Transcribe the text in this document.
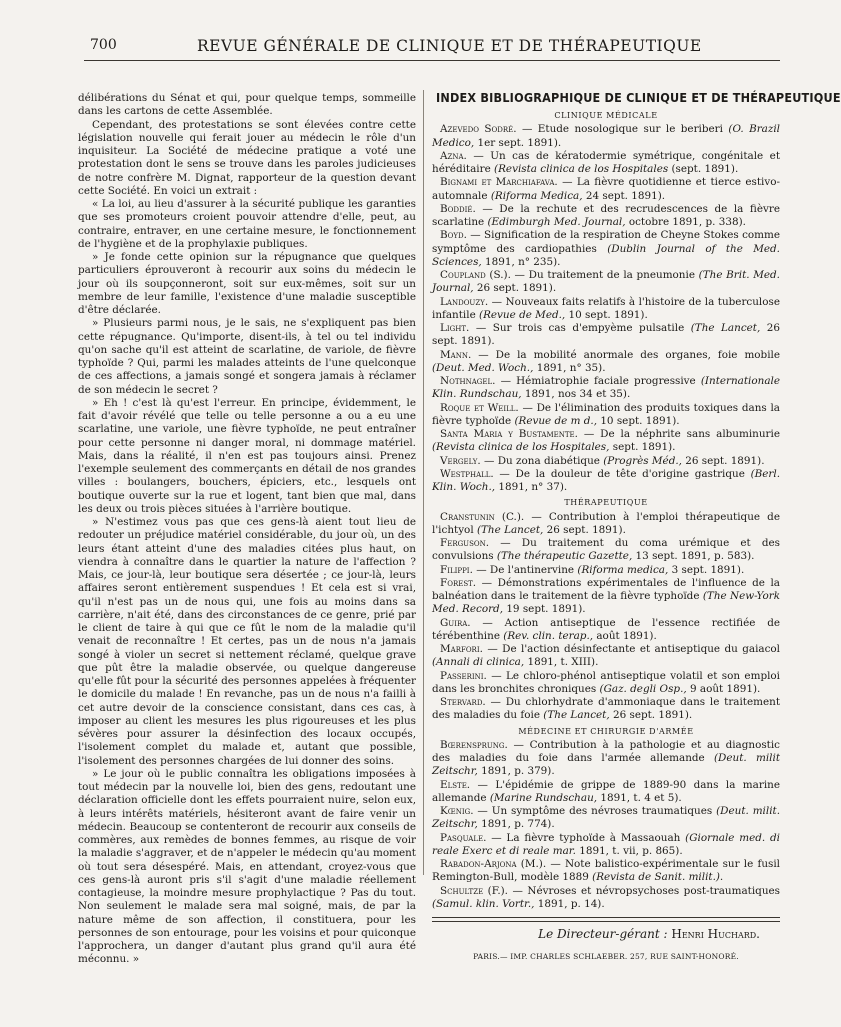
700	REVUE GÉNÉRALE DE CLINIQUE ET DE THÉRAPEUTIQUE

délibérations du Sénat et qui, pour quelque temps, sommeille dans les cartons de cette Assemblée.

Cependant, des protestations se sont élevées contre cette législation nouvelle qui ferait jouer au médecin le rôle d'un inquisiteur. La Société de médecine pratique a voté une protestation dont le sens se trouve dans les paroles judicieuses de notre confrère M. Dignat, rapporteur de la question devant cette Société. En voici un extrait :

« La loi, au lieu d'assurer à la sécurité publique les garanties que ses promoteurs croient pouvoir attendre d'elle, peut, au contraire, entraver, en une certaine mesure, le fonctionnement de l'hygiène et de la prophylaxie publiques.

» Je fonde cette opinion sur la répugnance que quelques particuliers éprouveront à recourir aux soins du médecin le jour où ils soupçonneront, soit sur eux-mêmes, soit sur un membre de leur famille, l'existence d'une maladie susceptible d'être déclarée.

» Plusieurs parmi nous, je le sais, ne s'expliquent pas bien cette répugnance. Qu'importe, disent-ils, à tel ou tel individu qu'on sache qu'il est atteint de scarlatine, de variole, de fièvre typhoïde ? Qui, parmi les malades atteints de l'une quelconque de ces affections, a jamais songé et songera jamais à réclamer de son médecin le secret ?

» Eh ! c'est là qu'est l'erreur. En principe, évidemment, le fait d'avoir révélé que telle ou telle personne a ou a eu une scarlatine, une variole, une fièvre typhoïde, ne peut entraîner pour cette personne ni danger moral, ni dommage matériel. Mais, dans la réalité, il n'en est pas toujours ainsi. Prenez l'exemple seulement des commerçants en détail de nos grandes villes : boulangers, bouchers, épiciers, etc., lesquels ont boutique ouverte sur la rue et logent, tant bien que mal, dans les deux ou trois pièces situées à l'arrière boutique.

» N'estimez vous pas que ces gens-là aient tout lieu de redouter un préjudice matériel considérable, du jour où, un des leurs étant atteint d'une des maladies citées plus haut, on viendra à connaître dans le quartier la nature de l'affection ? Mais, ce jour-là, leur boutique sera désertée ; ce jour-là, leurs affaires seront entièrement suspendues ! Et cela est si vrai, qu'il n'est pas un de nous qui, une fois au moins dans sa carrière, n'ait été, dans des circonstances de ce genre, prié par le client de taire à qui que ce fût le nom de la maladie qu'il venait de reconnaître ! Et certes, pas un de nous n'a jamais songé à violer un secret si nettement réclamé, quelque grave que pût être la maladie observée, ou quelque dangereuse qu'elle fût pour la sécurité des personnes appelées à fréquenter le domicile du malade ! En revanche, pas un de nous n'a failli à cet autre devoir de la conscience consistant, dans ces cas, à imposer au client les mesures les plus rigoureuses et les plus sévères pour assurer la désinfection des locaux occupés, l'isolement complet du malade et, autant que possible, l'isolement des personnes chargées de lui donner des soins.

» Le jour où le public connaîtra les obligations imposées à tout médecin par la nouvelle loi, bien des gens, redoutant une déclaration officielle dont les effets pourraient nuire, selon eux, à leurs intérêts matériels, hésiteront avant de faire venir un médecin. Beaucoup se contenteront de recourir aux conseils de commères, aux remèdes de bonnes femmes, au risque de voir la maladie s'aggraver, et de n'appeler le médecin qu'au moment où tout sera désespéré. Mais, en attendant, croyez-vous que ces gens-là auront pris s'il s'agit d'une maladie réellement contagieuse, la moindre mesure prophylactique ? Pas du tout. Non seulement le malade sera mal soigné, mais, de par la nature même de son affection, il constituera, pour les personnes de son entourage, pour les voisins et pour quiconque l'approchera, un danger d'autant plus grand qu'il aura été méconnu. »

INDEX BIBLIOGRAPHIQUE DE CLINIQUE ET DE THÉRAPEUTIQUE
CLINIQUE MÉDICALE

Azevedo Sodré. — Etude nosologique sur le beriberi (O. Brazil Medico, 1er sept. 1891).

Azna. — Un cas de kératodermie symétrique, congénitale et héréditaire (Revista clinica de los Hospitales (sept. 1891).

Bignami et Marchiafava. — La fièvre quotidienne et tierce estivo-automnale (Riforma Medica, 24 sept. 1891).

Boddié. — De la rechute et des recrudescences de la fièvre scarlatine (Edimburgh Med. Journal, octobre 1891, p. 338).

Boyd. — Signification de la respiration de Cheyne Stokes comme symptôme des cardiopathies (Dublin Journal of the Med. Sciences, 1891, n° 235).

Coupland (S.). — Du traitement de la pneumonie (The Brit. Med. Journal, 26 sept. 1891).

Landouzy. — Nouveaux faits relatifs à l'histoire de la tuberculose infantile (Revue de Med., 10 sept. 1891).

Light. — Sur trois cas d'empyème pulsatile (The Lancet, 26 sept. 1891).

Mann. — De la mobilité anormale des organes, foie mobile (Deut. Med. Woch., 1891, n° 35).

Nothnagel. — Hémiatrophie faciale progressive (Internationale Klin. Rundschau, 1891, nos 34 et 35).

Roque et Weill. — De l'élimination des produits toxiques dans la fièvre typhoïde (Revue de m d., 10 sept. 1891).

Santa Maria y Bustamente. — De la néphrite sans albuminurie (Revista clinica de los Hospitales, sept. 1891).

Vergely. — Du zona diabétique (Progrès Méd., 26 sept. 1891).

Westphall. — De la douleur de tête d'origine gastrique (Berl. Klin. Woch., 1891, n° 37).

THÉRAPEUTIQUE

Cranstunin (C.). — Contribution à l'emploi thérapeutique de l'ichtyol (The Lancet, 26 sept. 1891).

Ferguson. — Du traitement du coma urémique et des convulsions (The thérapeutic Gazette, 13 sept. 1891, p. 583).

Filippi. — De l'antinervine (Riforma medica, 3 sept. 1891).

Forest. — Démonstrations expérimentales de l'influence de la balnéation dans le traitement de la fièvre typhoïde (The New-York Med. Record, 19 sept. 1891).

Guira. — Action antiseptique de l'essence rectifiée de térébenthine (Rev. clin. terap., août 1891).

Marfori. — De l'action désinfectante et antiseptique du gaiacol (Annali di clinica, 1891, t. XIII).

Passerini. — Le chloro-phénol antiseptique volatil et son emploi dans les bronchites chroniques (Gaz. degli Osp., 9 août 1891).

Stervard. — Du chlorhydrate d'ammoniaque dans le traitement des maladies du foie (The Lancet, 26 sept. 1891).

MÉDECINE ET CHIRURGIE D'ARMÉE

Bœrensprung. — Contribution à la pathologie et au diagnostic des maladies du foie dans l'armée allemande (Deut. milit Zeitschr, 1891, p. 379).

Elste. — L'épidémie de grippe de 1889-90 dans la marine allemande (Marine Rundschau, 1891, t. 4 et 5).

Kœnig. — Un symptôme des névroses traumatiques (Deut. milit. Zeitschr, 1891, p. 774).

Pasquale. — La fièvre typhoïde à Massaouah (Giornale med. di reale Exerc et di reale mar. 1891, t. vii, p. 865).

Rabadon-Arjona (M.). — Note balistico-expérimentale sur le fusil Remington-Bull, modèle 1889 (Revista de Sanit. milit.).

Schultze (F.). — Névroses et névropsychoses post-traumatiques (Samul. klin. Vortr., 1891, p. 14).

Le Directeur-gérant : Henri Huchard.
PARIS.— IMP. CHARLES SCHLAEBER. 257, RUE SAINT-HONORÉ.
